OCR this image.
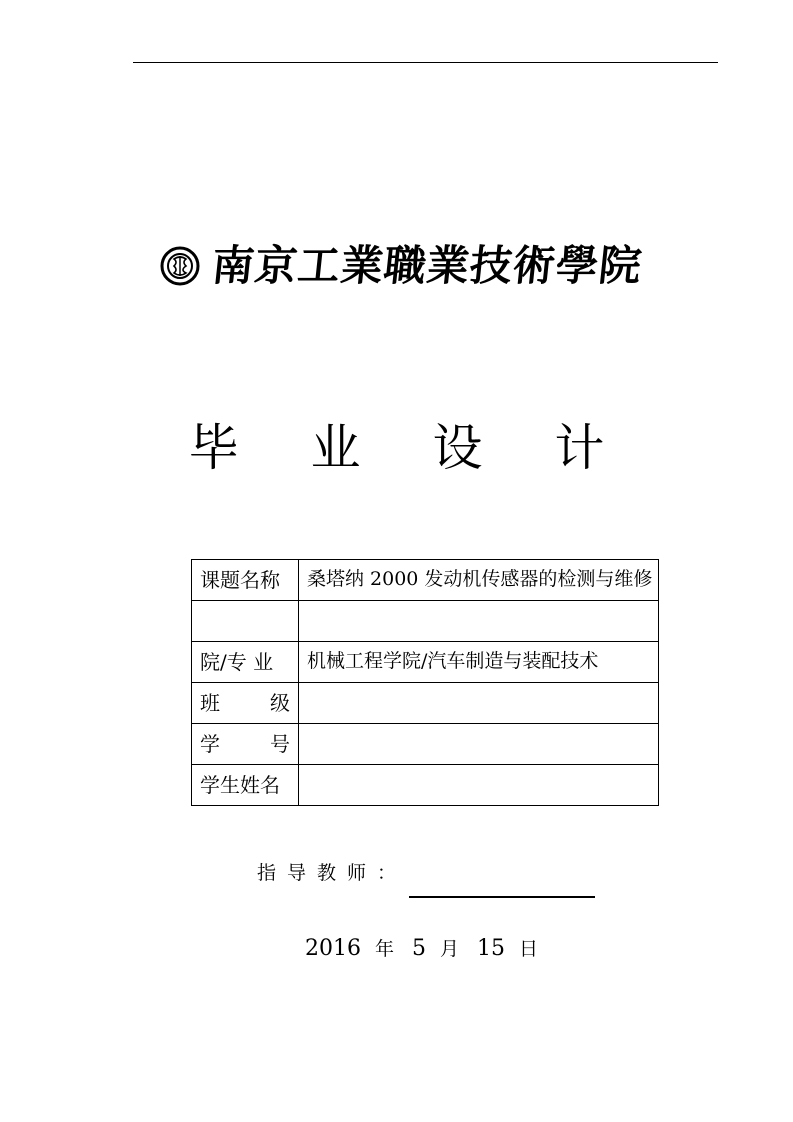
南京工業職業技術學院
毕 业 设 计
课题名称	桑塔纳 2000 发动机传感器的检测与维修

院/专 业	机械工程学院/汽车制造与装配技术
班 级	
学 号	
学生姓名	
指导教师：
2016 年 5 月 15 日
